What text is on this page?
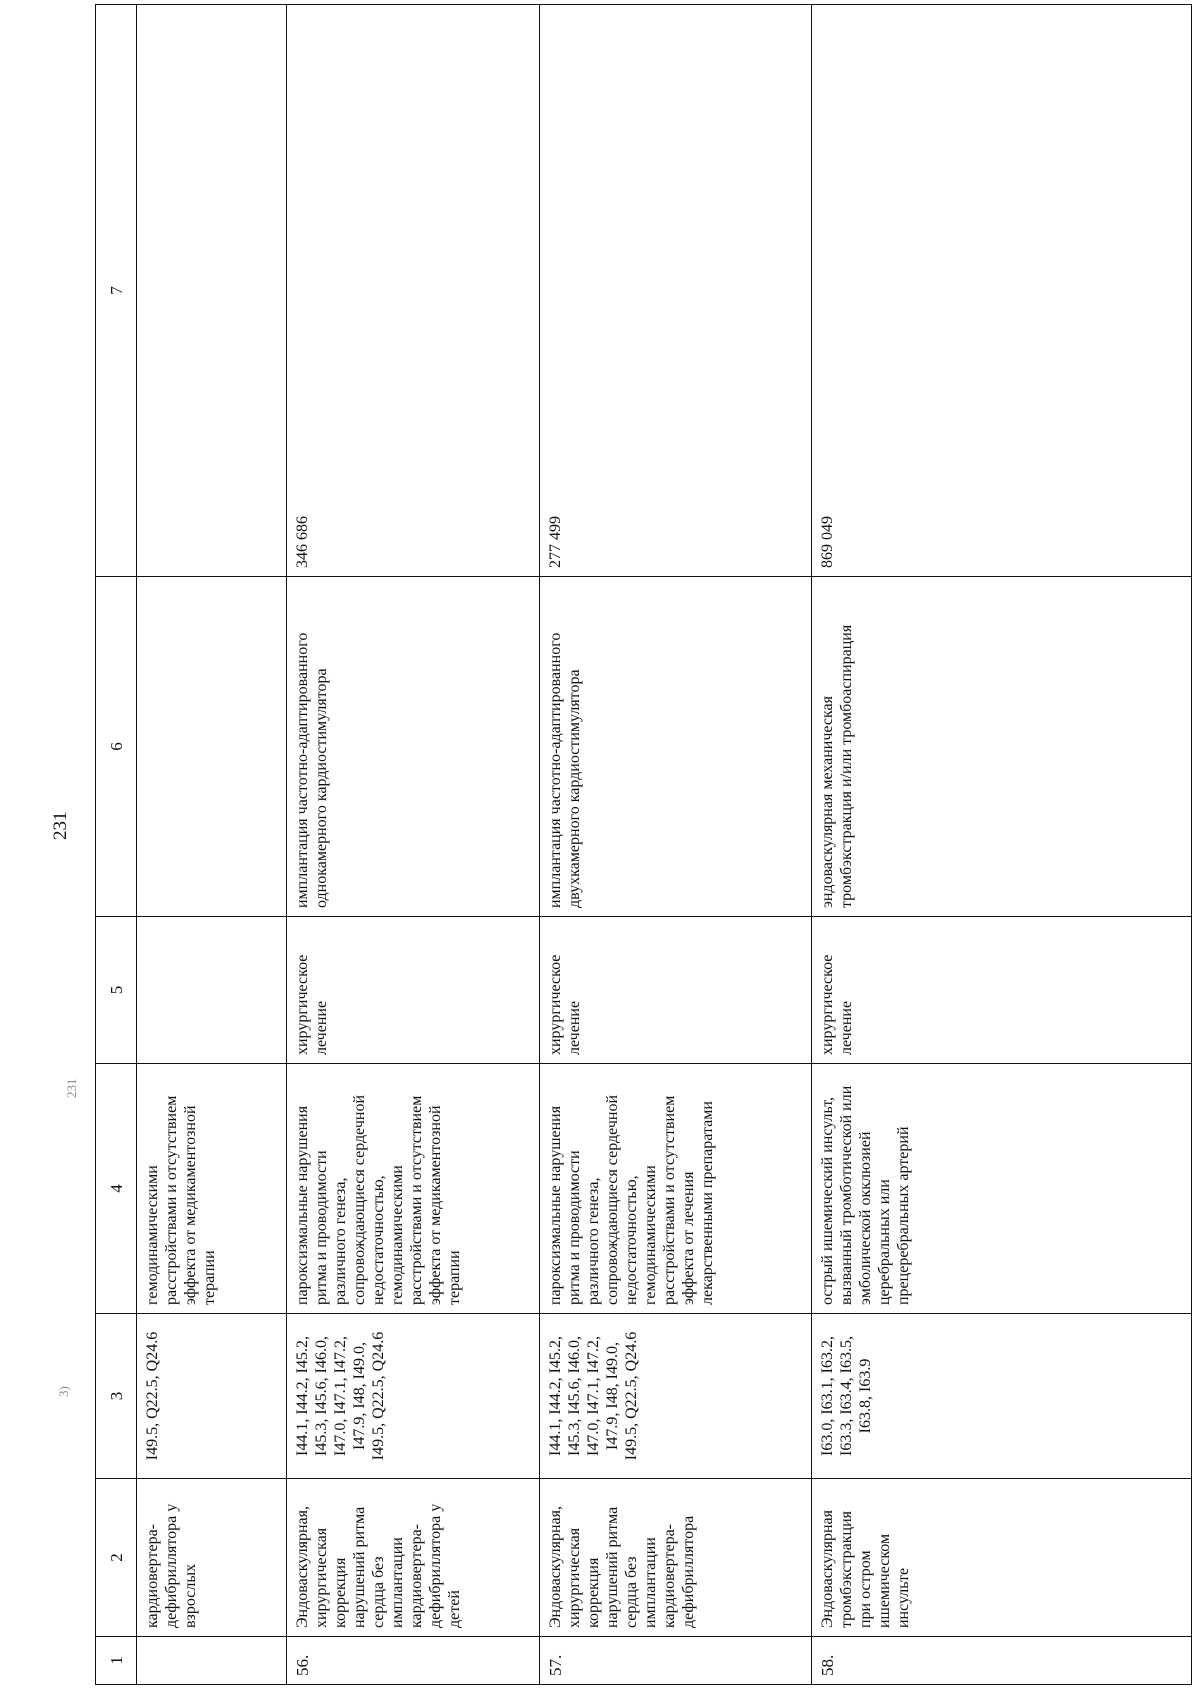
231
231
3)
1	2	3	4	5	6	7
	кардиовертера-дефибриллятора у взрослых	I49.5, Q22.5, Q24.6	гемодинамическими расстройствами и отсутствием эффекта от медикаментозной терапии			
56.	Эндоваскулярная, хирургическая коррекция нарушений ритма сердца без имплантации кардиовертера-дефибриллятора у детей	I44.1, I44.2, I45.2, I45.3, I45.6, I46.0, I47.0, I47.1, I47.2, I47.9, I48, I49.0, I49.5, Q22.5, Q24.6	пароксизмальные нарушения ритма и проводимости различного генеза, сопровождающиеся сердечной недостаточностью, гемодинамическими расстройствами и отсутствием эффекта от медикаментозной терапии	хирургическое лечение	имплантация частотно-адаптированного однокамерного кардиостимулятора	346 686
57.	Эндоваскулярная, хирургическая коррекция нарушений ритма сердца без имплантации кардиовертера-дефибриллятора	I44.1, I44.2, I45.2, I45.3, I45.6, I46.0, I47.0, I47.1, I47.2, I47.9, I48, I49.0, I49.5, Q22.5, Q24.6	пароксизмальные нарушения ритма и проводимости различного генеза, сопровождающиеся сердечной недостаточностью, гемодинамическими расстройствами и отсутствием эффекта от лечения лекарственными препаратами	хирургическое лечение	имплантация частотно-адаптированного двухкамерного кардиостимулятора	277 499
58.	Эндоваскулярная тромбэкстракция при остром ишемическом инсульте	I63.0, I63.1, I63.2, I63.3, I63.4, I63.5, I63.8, I63.9	острый ишемический инсульт, вызванный тромботической или эмболической окклюзией церебральных или прецеребральных артерий	хирургическое лечение	эндоваскулярная механическая тромбэкстракция и/или тромбоаспирация	869 049
